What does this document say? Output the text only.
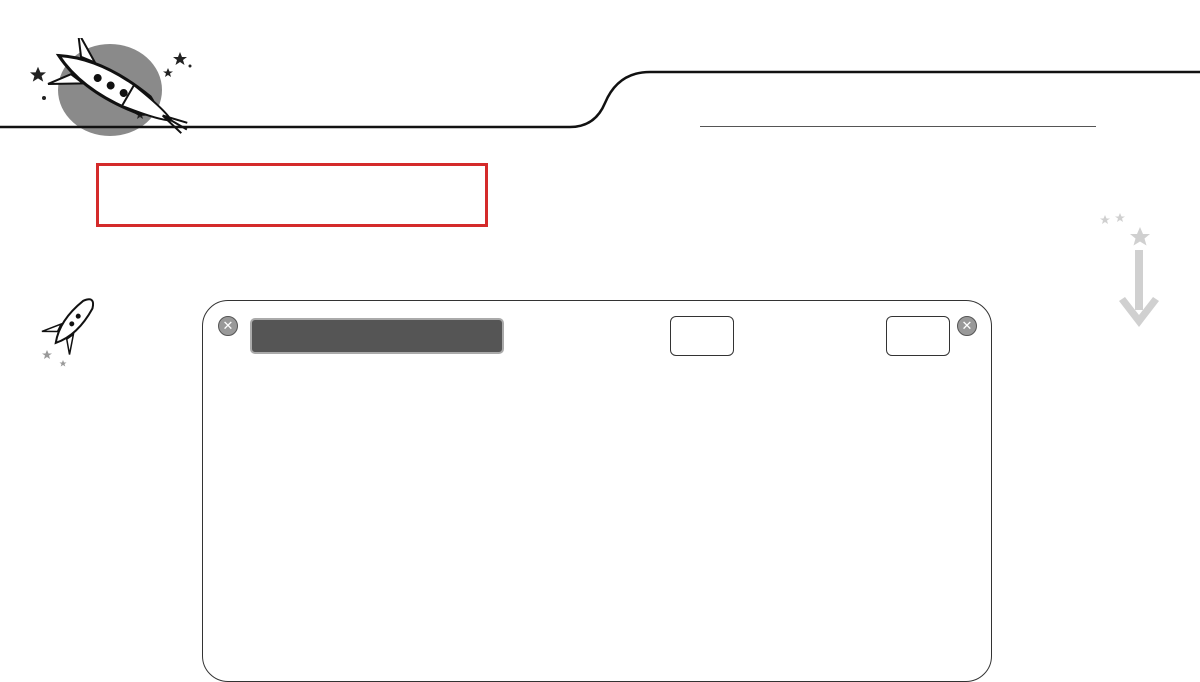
✕	✕
